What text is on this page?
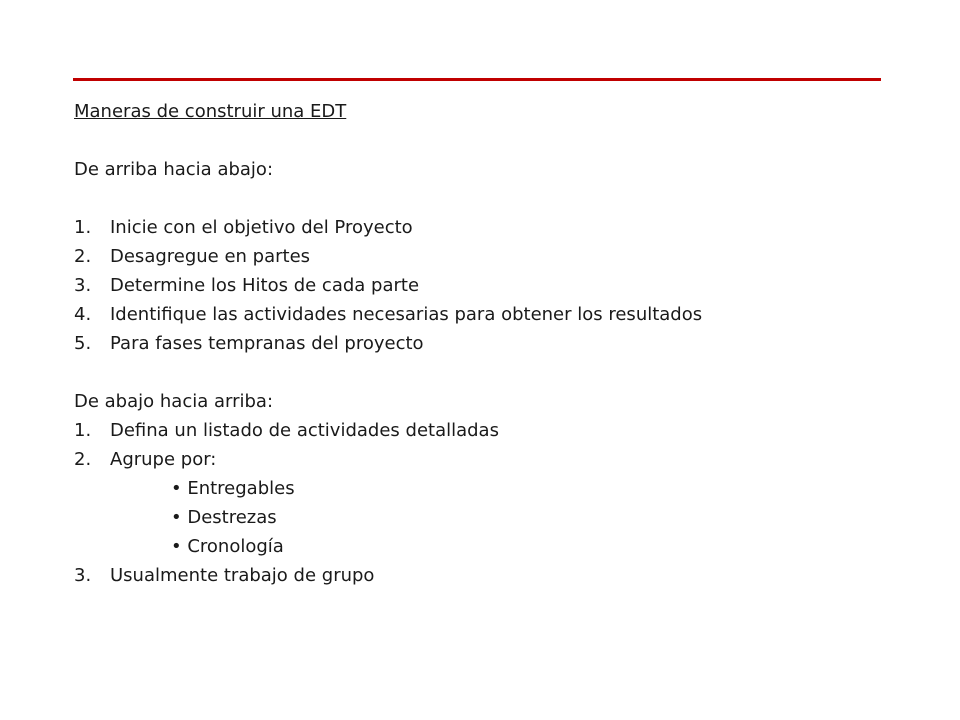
Maneras de construir una EDT
De arriba hacia abajo:
1. Inicie con el objetivo del Proyecto
2. Desagregue en partes
3. Determine los Hitos de cada parte
4. Identifique las actividades necesarias para obtener los resultados
5. Para fases tempranas del proyecto
De abajo hacia arriba:
1. Defina un listado de actividades detalladas
2. Agrupe por:
• Entregables
• Destrezas
• Cronología
3. Usualmente trabajo de grupo
